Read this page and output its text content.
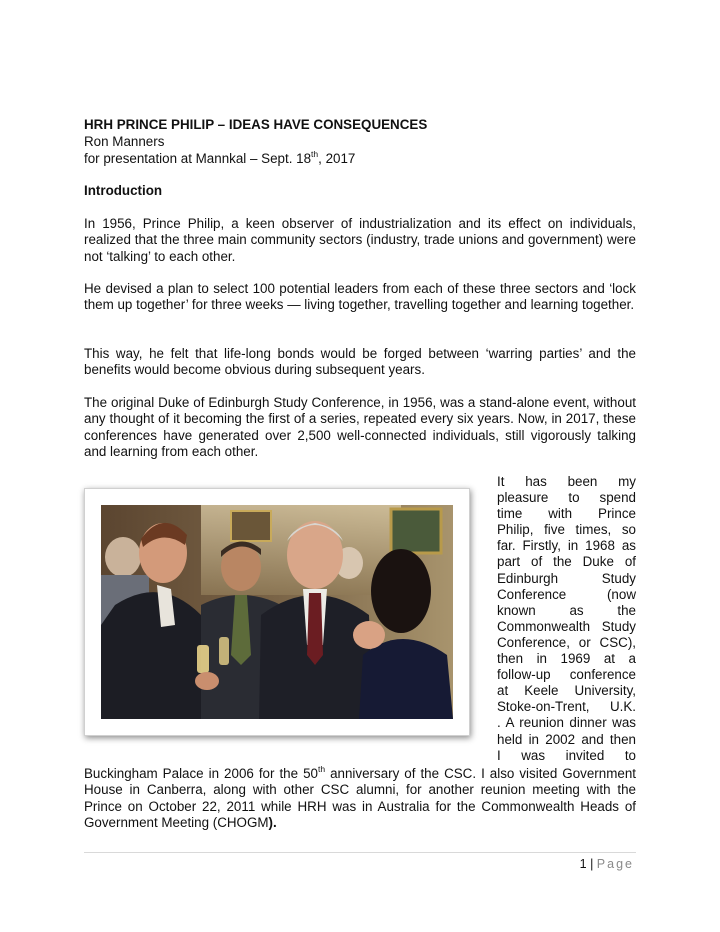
HRH PRINCE PHILIP – IDEAS HAVE CONSEQUENCES
Ron Manners
for presentation at Mannkal – Sept. 18th, 2017
Introduction
In 1956, Prince Philip, a keen observer of industrialization and its effect on individuals, realized that the three main community sectors (industry, trade unions and government) were not ‘talking’ to each other.
He devised a plan to select 100 potential leaders from each of these three sectors and ‘lock them up together’ for three weeks — living together, travelling together and learning together.
This way, he felt that life-long bonds would be forged between ‘warring parties’ and the benefits would become obvious during subsequent years.
The original Duke of Edinburgh Study Conference, in 1956, was a stand-alone event, without any thought of it becoming the first of a series, repeated every six years. Now, in 2017, these conferences have generated over 2,500 well-connected individuals, still vigorously talking and learning from each other.
It has been my
pleasure to spend
time with Prince
Philip, five times, so
far. Firstly, in 1968 as
part of the Duke of
Edinburgh Study
Conference (now
known as the
Commonwealth Study
Conference, or CSC),
then in 1969 at a
follow-up conference
at Keele University,
Stoke-on-Trent, U.K.
. A reunion dinner was
held in 2002 and then
I was invited to
Buckingham Palace in 2006 for the 50th anniversary of the CSC. I also visited Government House in Canberra, along with other CSC alumni, for another reunion meeting with the Prince on October 22, 2011 while HRH was in Australia for the Commonwealth Heads of Government Meeting (CHOGM).
1 | Page
